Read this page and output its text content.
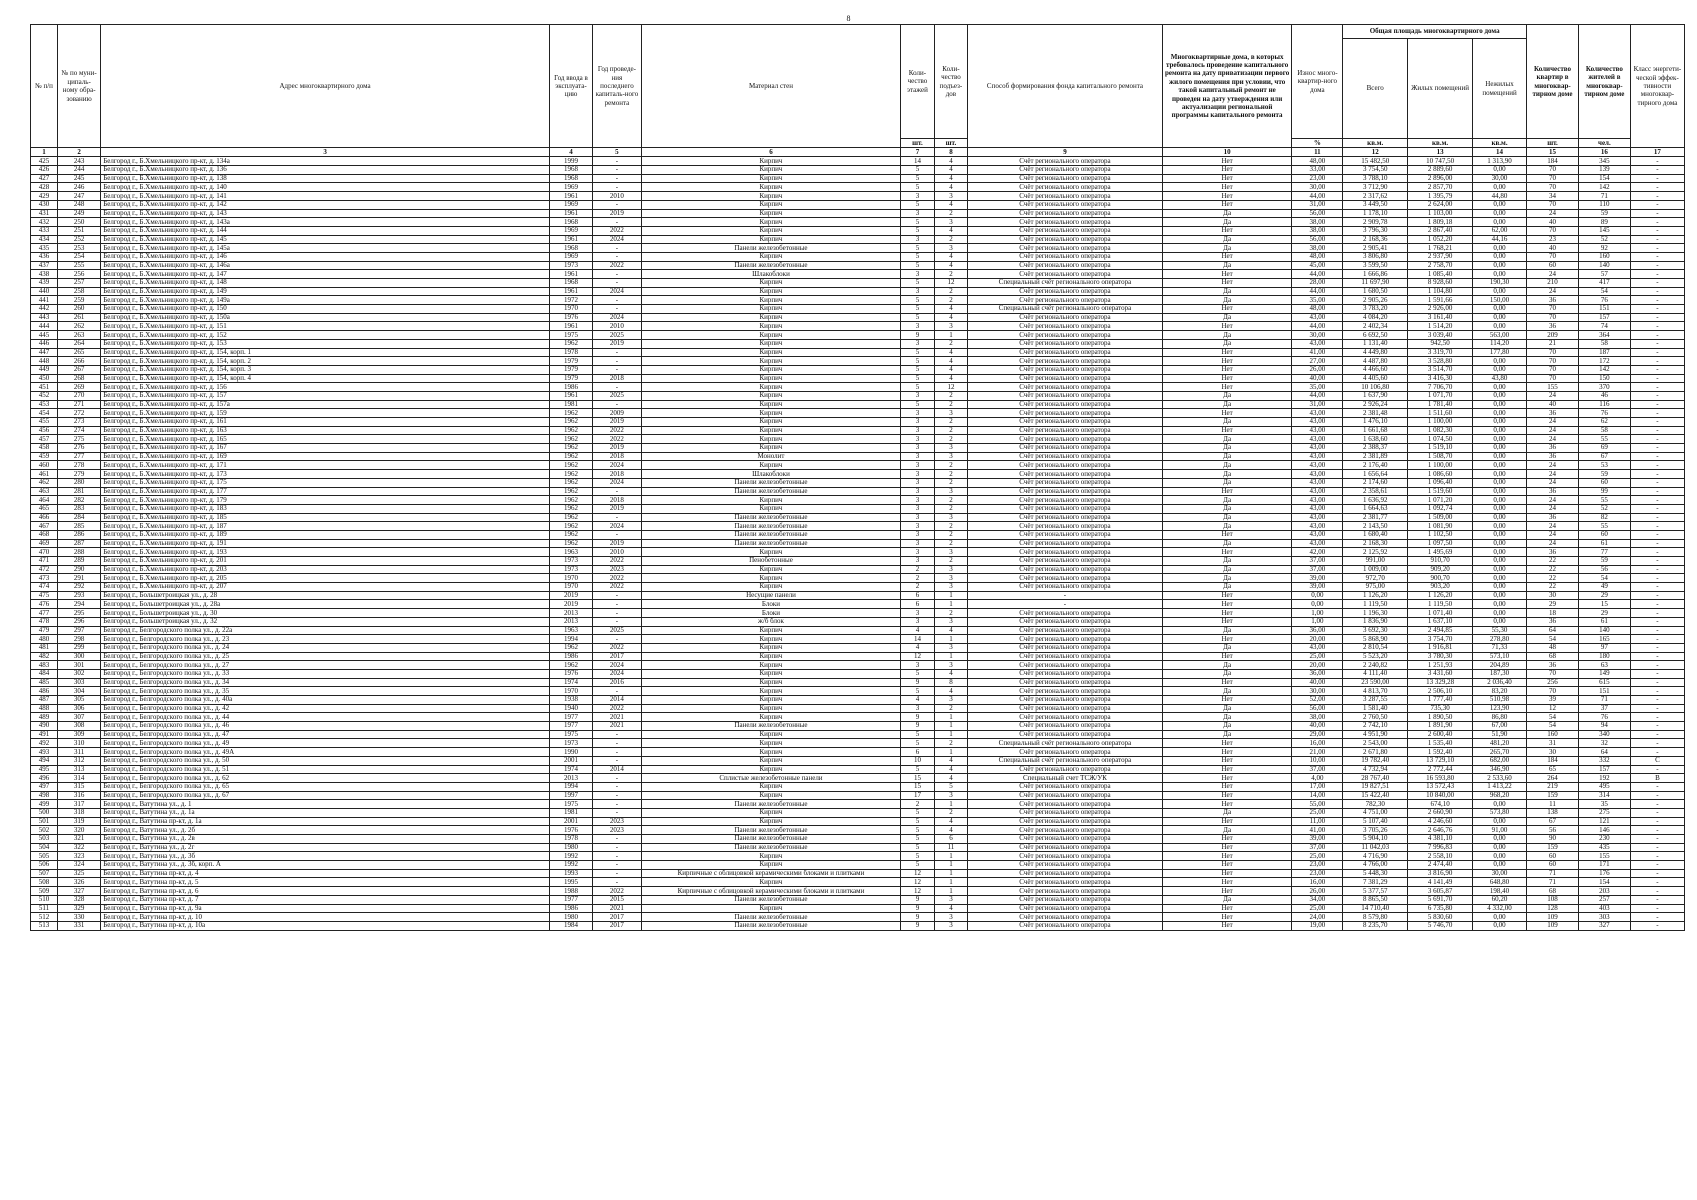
8
№ п/п	№ по муни-ципаль-ному обра-зованию	Адрес многоквартирного дома	Год ввода в эксплуата-цию	Год проведе-ния последнего капиталь-ного ремонта	Материал стен	Коли-чество этажей	Коли-чество подъез-дов	Способ формирования фонда капитального ремонта	Многоквартирные дома, в которых требовалось проведение капитального ремонта на дату приватизации первого жилого помещения при условии, что такой капитальный ремонт не проведен на дату утверждения или актуализации региональной программы капитального ремонта	Износ много-квартир-ного дома	Общая площадь многоквартирного дома			Количество квартир в многоквар-тирном доме	Количество жителей в многоквар-тирном доме	Класс энергети-ческой эффек-тивности многоквар-тирного дома
											Всего	Жилых помещений	Нежилых помещений			
						шт.	шт.			%	кв.м.	кв.м.	кв.м.	шт.	чел.	
1	2	3	4	5	6	7	8	9	10	11	12	13	14	15	16	17
425	243	Белгород г., Б.Хмельницкого пр-кт, д. 134а	1999	-	Кирпич	14	4	Счёт регионального оператора	Нет	48,00	15 482,50	10 747,50	1 313,90	184	345	-
426	244	Белгород г., Б.Хмельницкого пр-кт, д. 136	1968	-	Кирпич	5	4	Счёт регионального оператора	Нет	33,00	3 754,50	2 889,60	0,00	70	139	-
427	245	Белгород г., Б.Хмельницкого пр-кт, д. 138	1968	-	Кирпич	5	4	Счёт регионального оператора	Нет	23,00	3 788,10	2 896,00	30,00	70	154	-
428	246	Белгород г., Б.Хмельницкого пр-кт, д. 140	1969	-	Кирпич	5	4	Счёт регионального оператора	Нет	30,00	3 712,90	2 857,70	0,00	70	142	-
429	247	Белгород г., Б.Хмельницкого пр-кт, д. 141	1961	2010	Кирпич	3	3	Счёт регионального оператора	Нет	44,00	2 317,62	1 395,79	44,80	34	71	-
430	248	Белгород г., Б.Хмельницкого пр-кт, д. 142	1969	-	Кирпич	5	4	Счёт регионального оператора	Нет	31,00	3 449,50	2 624,00	0,00	70	110	-
431	249	Белгород г., Б.Хмельницкого пр-кт, д. 143	1961	2019	Кирпич	3	2	Счёт регионального оператора	Да	56,00	1 178,10	1 103,00	0,00	24	59	-
432	250	Белгород г., Б.Хмельницкого пр-кт, д. 143а	1968	-	Кирпич	5	3	Счёт регионального оператора	Да	38,00	2 909,78	1 809,18	0,00	40	89	-
433	251	Белгород г., Б.Хмельницкого пр-кт, д. 144	1969	2022	Кирпич	5	4	Счёт регионального оператора	Нет	38,00	3 796,30	2 867,40	62,00	70	145	-
434	252	Белгород г., Б.Хмельницкого пр-кт, д. 145	1961	2024	Кирпич	3	2	Счёт регионального оператора	Да	56,00	2 168,36	1 052,20	44,16	23	52	-
435	253	Белгород г., Б.Хмельницкого пр-кт, д. 145а	1968	-	Панели железобетонные	5	3	Счёт регионального оператора	Да	38,00	2 905,41	1 768,21	0,00	40	92	-
436	254	Белгород г., Б.Хмельницкого пр-кт, д. 146	1969	-	Кирпич	5	4	Счёт регионального оператора	Нет	48,00	3 806,80	2 937,90	0,00	70	160	-
437	255	Белгород г., Б.Хмельницкого пр-кт, д. 146а	1973	2022	Панели железобетонные	5	4	Счёт регионального оператора	Да	45,00	3 599,50	2 758,70	0,00	60	140	-
438	256	Белгород г., Б.Хмельницкого пр-кт, д. 147	1961	-	Шлакоблоки	3	2	Счёт регионального оператора	Нет	44,00	1 666,86	1 085,40	0,00	24	57	-
439	257	Белгород г., Б.Хмельницкого пр-кт, д. 148	1968	-	Кирпич	5	12	Специальный счёт регионального оператора	Нет	28,00	11 697,90	8 928,60	190,30	210	417	-
440	258	Белгород г., Б.Хмельницкого пр-кт, д. 149	1961	2024	Кирпич	3	2	Счёт регионального оператора	Да	44,00	1 680,50	1 104,80	0,00	24	54	-
441	259	Белгород г., Б.Хмельницкого пр-кт, д. 149а	1972	-	Кирпич	5	2	Счёт регионального оператора	Да	35,00	2 905,26	1 591,66	150,00	36	76	-
442	260	Белгород г., Б.Хмельницкого пр-кт, д. 150	1970	-	Кирпич	5	4	Специальный счёт регионального оператора	Нет	48,00	3 783,20	2 926,00	0,00	70	151	-
443	261	Белгород г., Б.Хмельницкого пр-кт, д. 150а	1976	2024	Кирпич	5	4	Счёт регионального оператора	Да	43,00	4 084,20	3 161,40	0,00	70	157	-
444	262	Белгород г., Б.Хмельницкого пр-кт, д. 151	1961	2010	Кирпич	3	3	Счёт регионального оператора	Нет	44,00	2 402,34	1 514,20	0,00	36	74	-
445	263	Белгород г., Б.Хмельницкого пр-кт, д. 152	1975	2025	Кирпич	9	1	Счёт регионального оператора	Да	30,00	6 692,50	3 039,40	563,00	209	364	-
446	264	Белгород г., Б.Хмельницкого пр-кт, д. 153	1962	2019	Кирпич	3	2	Счёт регионального оператора	Да	43,00	1 131,40	942,50	114,20	21	58	-
447	265	Белгород г., Б.Хмельницкого пр-кт, д. 154, корп. 1	1978	-	Кирпич	5	4	Счёт регионального оператора	Нет	41,00	4 449,80	3 319,70	177,80	70	187	-
448	266	Белгород г., Б.Хмельницкого пр-кт, д. 154, корп. 2	1979	-	Кирпич	5	4	Счёт регионального оператора	Нет	27,00	4 487,80	3 528,80	0,00	70	172	-
449	267	Белгород г., Б.Хмельницкого пр-кт, д. 154, корп. 3	1979	-	Кирпич	5	4	Счёт регионального оператора	Нет	26,00	4 466,60	3 514,70	0,00	70	142	-
450	268	Белгород г., Б.Хмельницкого пр-кт, д. 154, корп. 4	1979	2018	Кирпич	5	4	Счёт регионального оператора	Нет	40,00	4 405,60	3 416,30	43,80	70	150	-
451	269	Белгород г., Б.Хмельницкого пр-кт, д. 156	1986	-	Кирпич	5	12	Счёт регионального оператора	Нет	35,00	10 106,80	7 706,70	0,00	155	370	-
452	270	Белгород г., Б.Хмельницкого пр-кт, д. 157	1961	2025	Кирпич	3	2	Счёт регионального оператора	Да	44,00	1 637,90	1 071,70	0,00	24	46	-
453	271	Белгород г., Б.Хмельницкого пр-кт, д. 157а	1981	-	Кирпич	5	2	Счёт регионального оператора	Да	31,00	2 926,24	1 781,40	0,00	40	116	-
454	272	Белгород г., Б.Хмельницкого пр-кт, д. 159	1962	2009	Кирпич	3	3	Счёт регионального оператора	Нет	43,00	2 381,48	1 511,60	0,00	36	76	-
455	273	Белгород г., Б.Хмельницкого пр-кт, д. 161	1962	2019	Кирпич	3	2	Счёт регионального оператора	Да	43,00	1 476,10	1 100,00	0,00	24	62	-
456	274	Белгород г., Б.Хмельницкого пр-кт, д. 163	1962	2022	Кирпич	3	2	Счёт регионального оператора	Нет	43,00	1 661,68	1 082,30	0,00	24	58	-
457	275	Белгород г., Б.Хмельницкого пр-кт, д. 165	1962	2022	Кирпич	3	2	Счёт регионального оператора	Да	43,00	1 638,60	1 074,50	0,00	24	55	-
458	276	Белгород г., Б.Хмельницкого пр-кт, д. 167	1962	2019	Кирпич	3	3	Счёт регионального оператора	Да	43,00	2 388,37	1 519,10	0,00	36	69	-
459	277	Белгород г., Б.Хмельницкого пр-кт, д. 169	1962	2018	Монолит	3	3	Счёт регионального оператора	Да	43,00	2 381,89	1 508,70	0,00	36	67	-
460	278	Белгород г., Б.Хмельницкого пр-кт, д. 171	1962	2024	Кирпич	3	2	Счёт регионального оператора	Да	43,00	2 176,40	1 100,00	0,00	24	53	-
461	279	Белгород г., Б.Хмельницкого пр-кт, д. 173	1962	2018	Шлакоблоки	3	2	Счёт регионального оператора	Да	43,00	1 656,64	1 086,60	0,00	24	59	-
462	280	Белгород г., Б.Хмельницкого пр-кт, д. 175	1962	2024	Панели железобетонные	3	2	Счёт регионального оператора	Да	43,00	2 174,60	1 096,40	0,00	24	60	-
463	281	Белгород г., Б.Хмельницкого пр-кт, д. 177	1962	-	Панели железобетонные	3	3	Счёт регионального оператора	Нет	43,00	2 358,61	1 519,60	0,00	36	99	-
464	282	Белгород г., Б.Хмельницкого пр-кт, д. 179	1962	2018	Кирпич	3	2	Счёт регионального оператора	Да	43,00	1 636,92	1 071,20	0,00	24	55	-
465	283	Белгород г., Б.Хмельницкого пр-кт, д. 183	1962	2019	Кирпич	3	2	Счёт регионального оператора	Да	43,00	1 664,63	1 092,74	0,00	24	52	-
466	284	Белгород г., Б.Хмельницкого пр-кт, д. 185	1962	-	Панели железобетонные	3	3	Счёт регионального оператора	Да	43,00	2 381,77	1 509,00	0,00	36	82	-
467	285	Белгород г., Б.Хмельницкого пр-кт, д. 187	1962	2024	Панели железобетонные	3	2	Счёт регионального оператора	Да	43,00	2 143,50	1 081,90	0,00	24	55	-
468	286	Белгород г., Б.Хмельницкого пр-кт, д. 189	1962	-	Панели железобетонные	3	2	Счёт регионального оператора	Нет	43,00	1 680,40	1 102,50	0,00	24	60	-
469	287	Белгород г., Б.Хмельницкого пр-кт, д. 191	1962	2019	Панели железобетонные	3	2	Счёт регионального оператора	Да	43,00	2 168,30	1 097,50	0,00	24	61	-
470	288	Белгород г., Б.Хмельницкого пр-кт, д. 193	1963	2010	Кирпич	3	3	Счёт регионального оператора	Нет	42,00	2 125,92	1 495,69	0,00	36	77	-
471	289	Белгород г., Б.Хмельницкого пр-кт, д. 201	1973	2022	Пенобетонные	3	2	Счёт регионального оператора	Да	37,00	991,00	910,70	0,00	22	59	-
472	290	Белгород г., Б.Хмельницкого пр-кт, д. 203	1973	2023	Кирпич	2	3	Счёт регионального оператора	Да	37,00	1 009,00	909,20	0,00	22	56	-
473	291	Белгород г., Б.Хмельницкого пр-кт, д. 205	1970	2022	Кирпич	2	3	Счёт регионального оператора	Да	39,00	972,70	900,70	0,00	22	54	-
474	292	Белгород г., Б.Хмельницкого пр-кт, д. 207	1970	2022	Кирпич	2	3	Счёт регионального оператора	Да	39,00	975,00	903,20	0,00	22	49	-
475	293	Белгород г., Большетроицкая ул., д. 28	2019	-	Несущие панели	6	1	-	Нет	0,00	1 126,20	1 126,20	0,00	30	29	-
476	294	Белгород г., Большетроицкая ул., д. 28а	2019	-	Блоки	6	1	-	Нет	0,00	1 119,50	1 119,50	0,00	29	15	-
477	295	Белгород г., Большетроицкая ул., д. 30	2013	-	Блоки	3	2	Счёт регионального оператора	Нет	1,00	1 196,30	1 071,40	0,00	18	29	-
478	296	Белгород г., Большетроицкая ул., д. 32	2013	-	ж/б блок	3	3	Счёт регионального оператора	Нет	1,00	1 836,90	1 637,10	0,00	36	61	-
479	297	Белгород г., Белгородского полка ул., д. 22а	1963	2025	Кирпич	4	4	Счёт регионального оператора	Да	36,00	3 692,30	2 494,85	55,30	64	140	-
480	298	Белгород г., Белгородского полка ул., д. 23	1994	-	Кирпич	14	1	Счёт регионального оператора	Нет	20,00	5 868,90	3 754,70	278,80	54	165	-
481	299	Белгород г., Белгородского полка ул., д. 24	1962	2022	Кирпич	4	3	Счёт регионального оператора	Да	43,00	2 810,54	1 916,81	71,33	48	97	-
482	300	Белгород г., Белгородского полка ул., д. 25	1986	2017	Кирпич	12	1	Счёт регионального оператора	Нет	25,00	5 523,20	3 780,30	573,10	68	180	-
483	301	Белгород г., Белгородского полка ул., д. 27	1962	2024	Кирпич	3	3	Счёт регионального оператора	Да	20,00	2 240,82	1 251,93	204,89	36	63	-
484	302	Белгород г., Белгородского полка ул., д. 33	1976	2024	Кирпич	5	4	Счёт регионального оператора	Да	36,00	4 111,40	3 431,60	187,30	70	149	-
485	303	Белгород г., Белгородского полка ул., д. 34	1974	2016	Кирпич	9	8	Счёт регионального оператора	Нет	40,00	23 590,00	13 329,28	2 036,40	256	615	-
486	304	Белгород г., Белгородского полка ул., д. 35	1970	-	Кирпич	5	4	Счёт регионального оператора	Да	30,00	4 813,70	2 506,10	83,20	70	151	-
487	305	Белгород г., Белгородского полка ул., д. 40а	1938	2014	Кирпич	4	3	Счёт регионального оператора	Нет	52,00	3 287,55	1 777,40	510,98	39	71	-
488	306	Белгород г., Белгородского полка ул., д. 42	1940	2022	Кирпич	3	2	Счёт регионального оператора	Да	56,00	1 581,40	735,30	123,90	12	37	-
489	307	Белгород г., Белгородского полка ул., д. 44	1977	2021	Кирпич	9	1	Счёт регионального оператора	Да	38,00	2 760,50	1 890,50	86,80	54	76	-
490	308	Белгород г., Белгородского полка ул., д. 46	1977	2021	Панели железобетонные	9	1	Счёт регионального оператора	Да	40,00	2 742,10	1 891,90	67,00	54	94	-
491	309	Белгород г., Белгородского полка ул., д. 47	1975	-	Кирпич	5	1	Счёт регионального оператора	Да	29,00	4 951,90	2 600,40	51,90	160	340	-
492	310	Белгород г., Белгородского полка ул., д. 49	1973	-	Кирпич	5	2	Специальный счёт регионального оператора	Нет	16,00	2 543,00	1 535,40	481,20	31	32	-
493	311	Белгород г., Белгородского полка ул., д. 49А	1990	-	Кирпич	6	1	Счёт регионального оператора	Нет	21,00	2 671,80	1 592,40	265,70	30	64	-
494	312	Белгород г., Белгородского полка ул., д. 50	2001	-	Кирпич	10	4	Специальный счёт регионального оператора	Нет	10,00	19 782,40	13 729,10	682,00	184	332	С
495	313	Белгород г., Белгородского полка ул., д. 51	1974	2014	Кирпич	5	4	Счёт регионального оператора	Нет	37,00	4 732,94	2 772,44	346,90	65	157	-
496	314	Белгород г., Белгородского полка ул., д. 62	2013	-	Сплистые железобетонные панели	15	4	Специальный счет ТСЖ/УК	Нет	4,00	28 767,40	16 593,80	2 533,60	264	192	В
497	315	Белгород г., Белгородского полка ул., д. 65	1994	-	Кирпич	15	5	Счёт регионального оператора	Нет	17,00	19 827,51	13 572,43	1 413,22	219	495	-
498	316	Белгород г., Белгородского полка ул., д. 67	1997	-	Кирпич	17	3	Счёт регионального оператора	Нет	14,00	15 422,40	10 840,00	968,20	159	314	-
499	317	Белгород г., Ватутина ул., д. 1	1975	-	Панели железобетонные	2	1	Счёт регионального оператора	Нет	55,00	782,30	674,10	0,00	11	35	-
500	318	Белгород г., Ватутина ул., д. 1а	1981	-	Кирпич	5	2	Счёт регионального оператора	Да	25,00	4 751,00	2 660,90	573,80	138	275	-
501	319	Белгород г., Ватутина пр-кт, д. 1а	2001	2023	Кирпич	5	4	Счёт регионального оператора	Нет	11,00	5 107,40	4 246,60	0,00	67	121	-
502	320	Белгород г., Ватутина ул., д. 2б	1976	2023	Панели железобетонные	5	4	Счёт регионального оператора	Да	41,00	3 705,26	2 646,76	91,00	56	146	-
503	321	Белгород г., Ватутина ул., д. 2в	1978	-	Панели железобетонные	5	6	Счёт регионального оператора	Нет	39,00	5 904,10	4 381,10	0,00	90	230	-
504	322	Белгород г., Ватутина ул., д. 2г	1980	-	Панели железобетонные	5	11	Счёт регионального оператора	Нет	37,00	11 042,03	7 996,83	0,00	159	435	-
505	323	Белгород г., Ватутина ул., д. 3б	1992	-	Кирпич	5	1	Счёт регионального оператора	Нет	25,00	4 716,90	2 558,10	0,00	60	155	-
506	324	Белгород г., Ватутина ул., д. 3б, корп. А	1992	-	Кирпич	5	1	Счёт регионального оператора	Нет	23,00	4 766,00	2 474,40	0,00	60	171	-
507	325	Белгород г., Ватутина пр-кт, д. 4	1993	-	Кирпичные с облицовкой керамическими блоками и плитками	12	1	Счёт регионального оператора	Нет	23,00	5 448,30	3 816,90	30,00	71	176	-
508	326	Белгород г., Ватутина пр-кт, д. 5	1995	-	Кирпич	12	1	Счёт регионального оператора	Нет	16,00	7 381,29	4 141,49	648,80	71	154	-
509	327	Белгород г., Ватутина пр-кт, д. 6	1988	2022	Кирпичные с облицовкой керамическими блоками и плитками	12	1	Счёт регионального оператора	Нет	26,00	5 377,57	3 605,87	198,40	68	203	-
510	328	Белгород г., Ватутина пр-кт, д. 7	1977	2015	Панели железобетонные	9	3	Счёт регионального оператора	Да	34,00	8 865,50	5 691,70	60,20	108	257	-
511	329	Белгород г., Ватутина пр-кт, д. 9а	1986	2021	Кирпич	9	4	Счёт регионального оператора	Нет	25,00	14 710,40	6 735,80	4 332,00	128	403	-
512	330	Белгород г., Ватутина пр-кт, д. 10	1980	2017	Панели железобетонные	9	3	Счёт регионального оператора	Нет	24,00	8 579,80	5 830,60	0,00	109	303	-
513	331	Белгород г., Ватутина пр-кт, д. 10а	1984	2017	Панели железобетонные	9	3	Счёт регионального оператора	Нет	19,00	8 235,70	5 746,70	0,00	109	327	-
